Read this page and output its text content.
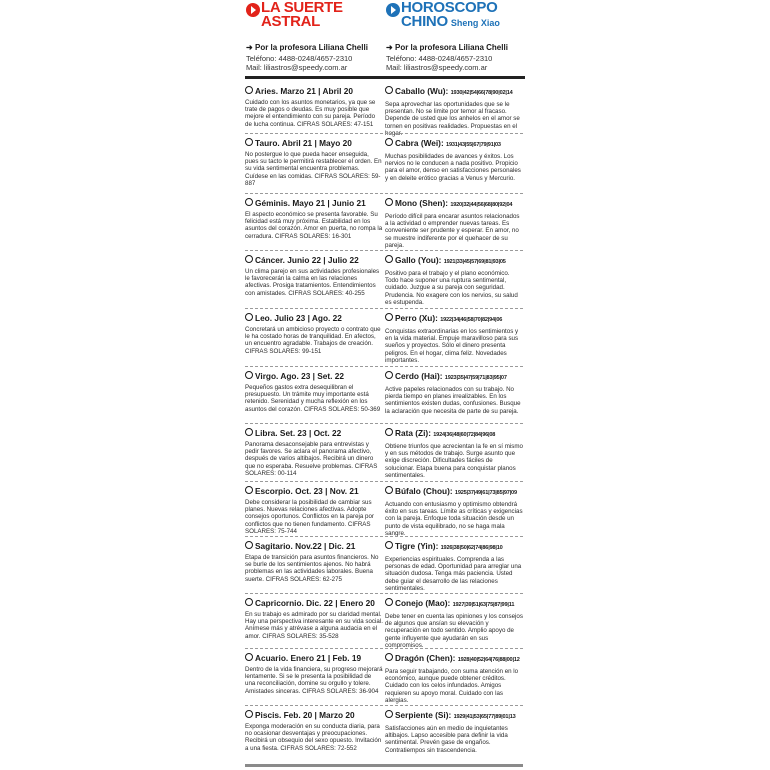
LA SUERTE
ASTRAL
➜ Por la profesora Liliana Chelli
Teléfono: 4488-0248/4657-2310
Mail: liliastros@speedy.com.ar
Aries. Marzo 21 | Abril 20
Cuidado con los asuntos monetarios, ya que se trate de pagos o deudas. Es muy posible que mejore el entendimiento con su pareja. Período de lucha continua. CIFRAS SOLARES: 47-151
Tauro. Abril 21 | Mayo 20
No postergue lo que pueda hacer enseguida, pues su tacto le permitirá restablecer el orden. En su vida sentimental encuentra problemas. Cuídese en las comidas. CIFRAS SOLARES: 59-887
Géminis. Mayo 21 | Junio 21
El aspecto económico se presenta favorable. Su felicidad está muy próxima. Estabilidad en los asuntos del corazón. Amor en puerta, no rompa la cerradura. CIFRAS SOLARES: 16-301
Cáncer. Junio 22 | Julio 22
Un clima parejo en sus actividades profesionales le favorecerán la calma en las relaciones afectivas. Prosiga tratamientos. Entendimientos con amistades. CIFRAS SOLARES: 40-255
Leo. Julio 23 | Ago. 22
Concretará un ambicioso proyecto o contrato que le ha costado horas de tranquilidad. En afectos, un encuentro agradable. Trabajos de creación. CIFRAS SOLARES: 99-151
Virgo. Ago. 23 | Set. 22
Pequeños gastos extra desequilibran el presupuesto. Un trámite muy importante está retenido. Serenidad y mucha reflexión en los asuntos del corazón. CIFRAS SOLARES: 50-369
Libra. Set. 23 | Oct. 22
Panorama desaconsejable para entrevistas y pedir favores. Se aclara el panorama afectivo, después de varios altibajos. Recibirá un dinero que no esperaba. Resuelve problemas. CIFRAS SOLARES: 00-114
Escorpio. Oct. 23 | Nov. 21
Debe considerar la posibilidad de cambiar sus planes. Nuevas relaciones afectivas. Adopte consejos oportunos. Conflictos en la pareja por conflictos que no tienen fundamento. CIFRAS SOLARES: 75-744
Sagitario. Nov.22 | Dic. 21
Etapa de transición para asuntos financieros. No se burle de los sentimientos ajenos. No habrá problemas en las actividades laborales. Buena suerte. CIFRAS SOLARES: 62-275
Capricornio. Dic. 22 | Enero 20
En su trabajo es admirado por su claridad mental. Hay una perspectiva interesante en su vida social. Anímese más y atrévase a alguna audacia en el amor. CIFRAS SOLARES: 35-528
Acuario. Enero 21 | Feb. 19
Dentro de la vida financiera, su progreso mejorará lentamente. Si se le presenta la posibilidad de una reconciliación, domine su orgullo y tolere. Amistades sinceras. CIFRAS SOLARES: 36-904
Piscis. Feb. 20 | Marzo 20
Exponga moderación en su conducta diaria, para no ocasionar desventajas y preocupaciones. Recibirá un obsequio del sexo opuesto. Invitación a una fiesta. CIFRAS SOLARES: 72-552
HOROSCOPO
CHINO Sheng Xiao
➜ Por la profesora Liliana Chelli
Teléfono: 4488-0248/4657-2310
Mail: liliastros@speedy.com.ar
Caballo (Wu): 1930|42|54|66|78|90|02|14
Sepa aprovechar las oportunidades que se le presentan. No se limite por temor al fracaso. Depende de usted que los anhelos en el amor se tornen en positivas realidades. Propuestas en el hogar.
Cabra (Wei): 1931|43|55|67|79|91|03
Muchas posibilidades de avances y éxitos. Los nervios no le conducen a nada positivo. Propicio para el amor, denso en satisfacciones personales y en deleite erótico gracias a Venus y Mercurio.
Mono (Shen): 1920|32|44|56|68|80|92|04
Período difícil para encarar asuntos relacionados a la actividad o emprender nuevas tareas. Es conveniente ser prudente y esperar. En amor, no se muestre indiferente por el quehacer de su pareja.
Gallo (You): 1921|33|45|57|69|81|93|05
Positivo para el trabajo y el plano económico. Todo hace suponer una ruptura sentimental, cuidado. Juzgue a su pareja con seguridad. Prudencia. No exagere con los nervios, su salud es estupenda.
Perro (Xu): 1922|34|46|58|70|82|94|06
Conquistas extraordinarias en los sentimientos y en la vida material. Empuje maravilloso para sus sueños y proyectos. Sólo el dinero presenta peligros. En el hogar, clima feliz. Novedades importantes.
Cerdo (Hai): 1923|35|47|59|71|83|95|07
Active papeles relacionados con su trabajo. No pierda tiempo en planes irrealizables. En los sentimientos existen dudas, confusiones. Busque la aclaración que necesita de parte de su pareja.
Rata (Zi): 1924|36|48|60|72|84|96|08
Obtiene triunfos que acrecientan la fe en sí mismo y en sus métodos de trabajo. Surge asunto que exige discreción. Dificultades fáciles de solucionar. Etapa buena para conquistar planos sentimentales.
Búfalo (Chou): 1925|37|49|61|73|85|97|09
Actuando con entusiasmo y optimismo obtendrá éxito en sus tareas. Límite as críticas y exigencias con la pareja. Enfoque toda situación desde un punto de vista equilibrado, no se haga mala sangre.
Tigre (Yin): 1926|38|50|62|74|86|98|10
Experiencias espirituales. Comprenda a las personas de edad. Oportunidad para arreglar una situación dudosa. Tenga más paciencia. Usted debe guiar el desarrollo de las relaciones sentimentales.
Conejo (Mao): 1927|39|51|63|75|87|99|11
Debe tener en cuenta las opiniones y los consejos de algunos que ansían su elevación y recuperación en todo sentido. Amplio apoyo de gente influyente que ayudarán en sus compromisos.
Dragón (Chen): 1928|40|52|64|76|88|00|12
Para seguir trabajando, con suma atención en lo económico, aunque puede obtener créditos. Cuidado con los celos infundados. Amigos requieren su apoyo moral. Cuidado con las alergias.
Serpiente (Si): 1929|41|53|65|77|89|01|13
Satisfacciones aún en medio de inquietantes altibajos. Lapso accesible para definir la vida sentimental. Prevén gase de engaños. Contratiempos sin trascendencia.
